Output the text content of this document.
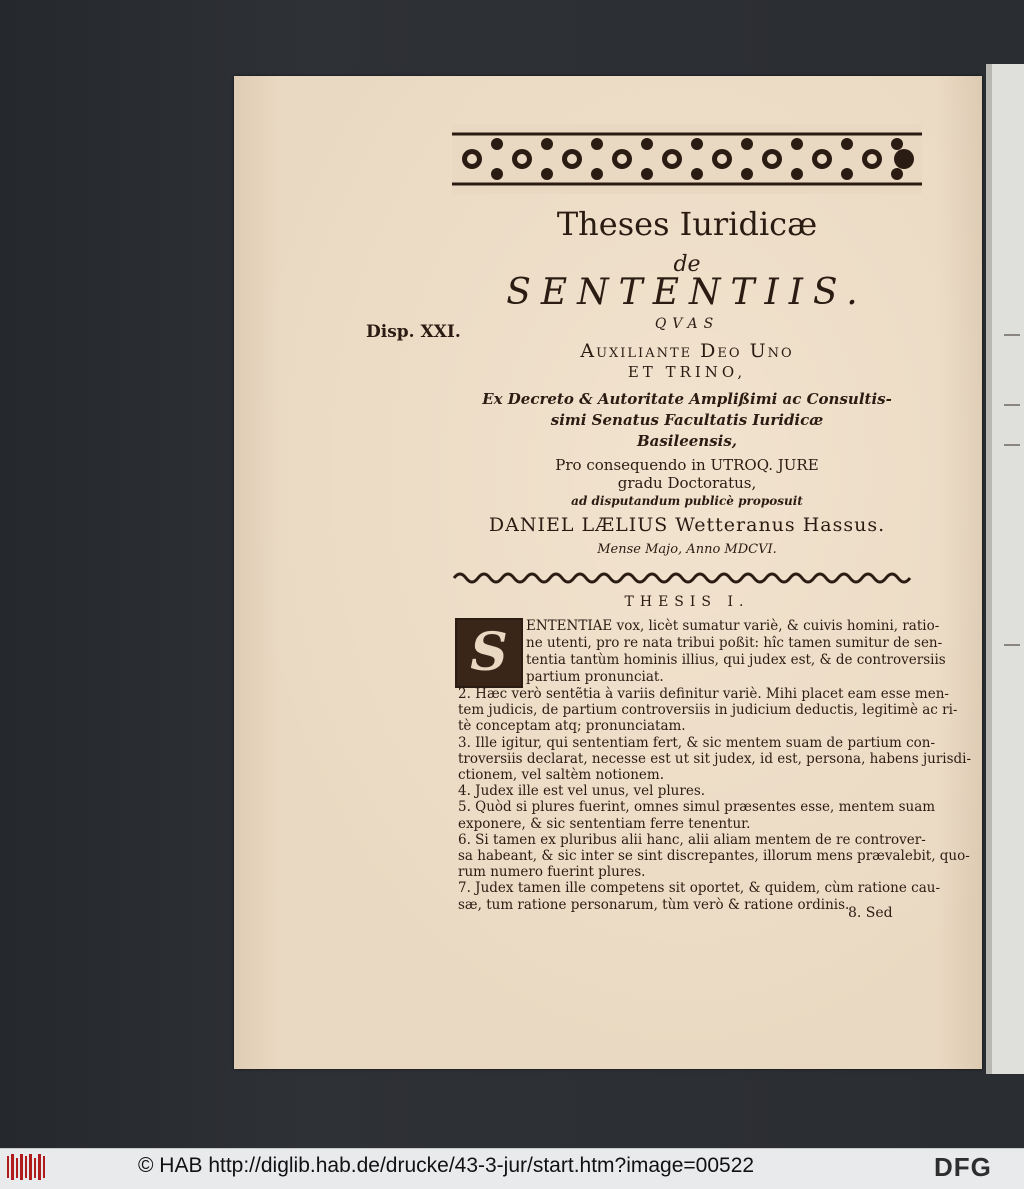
Theses Iuridicæ
de
SENTENTIIS.
Disp. XXI.	QVAS
Auxiliante Deo Uno
ET TRINO,
Ex Decreto & Autoritate Amplißimi ac Consultis-
simi Senatus Facultatis Iuridicæ
Basileensis,
Pro consequendo in UTROQ. JURE
gradu Doctoratus,
ad disputandum publicè proposuit
DANIEL LÆLIUS Wetteranus Hassus.
Mense Majo, Anno MDCVI.
THESIS I.
S	ENTENTIAE vox, licèt sumatur variè, & cuivis homini, ratio-
ne utenti, pro re nata tribui poßit: hîc tamen sumitur de sen-
tentia tantùm hominis illius, qui judex est, & de controversiis
partium pronunciat.
2. Hæc verò sentẽtia à variis definitur variè. Mihi placet eam esse men-
tem judicis, de partium controversiis in judicium deductis, legitimè ac ri-
tè conceptam atq; pronunciatam.
3. Ille igitur, qui sententiam fert, & sic mentem suam de partium con-
troversiis declarat, necesse est ut sit judex, id est, persona, habens jurisdi-
ctionem, vel saltèm notionem.
4. Judex ille est vel unus, vel plures.
5. Quòd si plures fuerint, omnes simul præsentes esse, mentem suam
exponere, & sic sententiam ferre tenentur.
6. Si tamen ex pluribus alii hanc, alii aliam mentem de re controver-
sa habeant, & sic inter se sint discrepantes, illorum mens prævalebit, quo-
rum numero fuerint plures.
7. Judex tamen ille competens sit oportet, & quidem, cùm ratione cau-
sæ, tum ratione personarum, tùm verò & ratione ordinis.
8. Sed
© HAB http://diglib.hab.de/drucke/43-3-jur/start.htm?image=00522	DFG
